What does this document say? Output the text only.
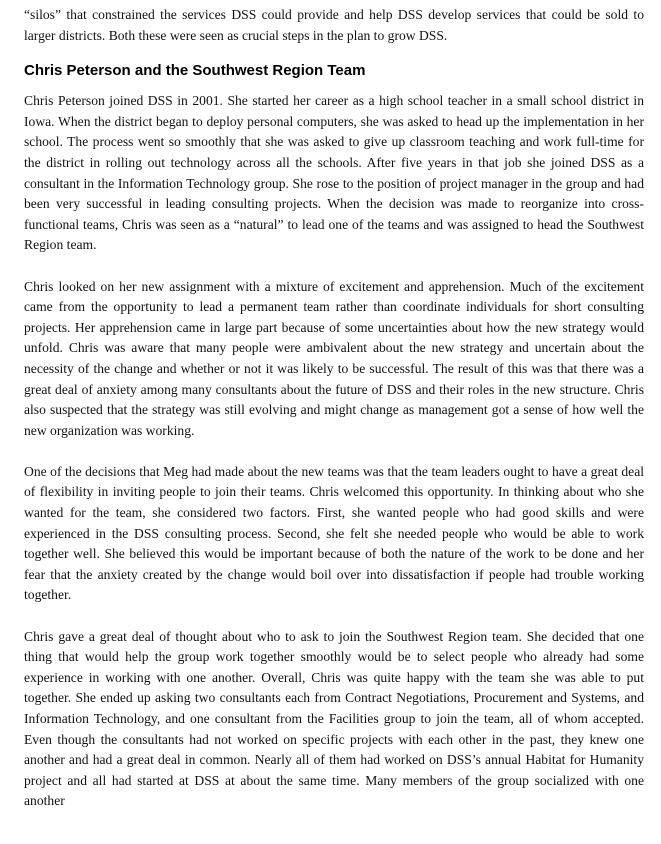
“silos” that constrained the services DSS could provide and help DSS develop services that could be sold to larger districts. Both these were seen as crucial steps in the plan to grow DSS.

Chris Peterson and the Southwest Region Team

Chris Peterson joined DSS in 2001. She started her career as a high school teacher in a small school district in Iowa. When the district began to deploy personal computers, she was asked to head up the implementation in her school. The process went so smoothly that she was asked to give up classroom teaching and work full-time for the district in rolling out technology across all the schools. After five years in that job she joined DSS as a consultant in the Information Technology group. She rose to the position of project manager in the group and had been very successful in leading consulting projects. When the decision was made to reorganize into cross-functional teams, Chris was seen as a “natural” to lead one of the teams and was assigned to head the Southwest Region team.

Chris looked on her new assignment with a mixture of excitement and apprehension. Much of the excitement came from the opportunity to lead a permanent team rather than coordinate individuals for short consulting projects. Her apprehension came in large part because of some uncertainties about how the new strategy would unfold. Chris was aware that many people were ambivalent about the new strategy and uncertain about the necessity of the change and whether or not it was likely to be successful. The result of this was that there was a great deal of anxiety among many consultants about the future of DSS and their roles in the new structure. Chris also suspected that the strategy was still evolving and might change as management got a sense of how well the new organization was working.

One of the decisions that Meg had made about the new teams was that the team leaders ought to have a great deal of flexibility in inviting people to join their teams. Chris welcomed this opportunity. In thinking about who she wanted for the team, she considered two factors. First, she wanted people who had good skills and were experienced in the DSS consulting process. Second, she felt she needed people who would be able to work together well. She believed this would be important because of both the nature of the work to be done and her fear that the anxiety created by the change would boil over into dissatisfaction if people had trouble working together.

Chris gave a great deal of thought about who to ask to join the Southwest Region team. She decided that one thing that would help the group work together smoothly would be to select people who already had some experience in working with one another. Overall, Chris was quite happy with the team she was able to put together. She ended up asking two consultants each from Contract Negotiations, Procurement and Systems, and Information Technology, and one consultant from the Facilities group to join the team, all of whom accepted. Even though the consultants had not worked on specific projects with each other in the past, they knew one another and had a great deal in common. Nearly all of them had worked on DSS’s annual Habitat for Humanity project and all had started at DSS at about the same time. Many members of the group socialized with one another
